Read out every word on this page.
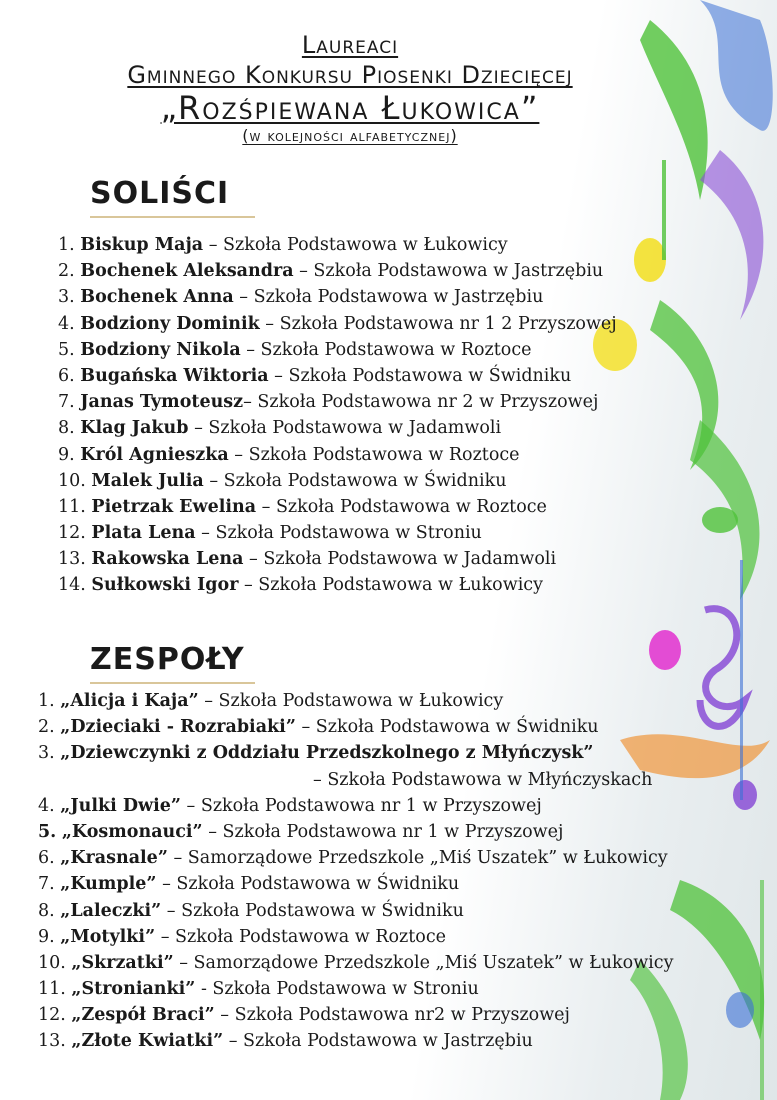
Laureaci
Gminnego Konkursu Piosenki Dziecięcej
„Rozśpiewana Łukowica”
(w kolejności alfabetycznej)
SOLIŚCI
1. Biskup Maja – Szkoła Podstawowa w Łukowicy
2. Bochenek Aleksandra – Szkoła Podstawowa w Jastrzębiu
3. Bochenek Anna – Szkoła Podstawowa w Jastrzębiu
4. Bodziony Dominik – Szkoła Podstawowa nr 1 2 Przyszowej
5. Bodziony Nikola – Szkoła Podstawowa w Roztoce
6. Bugańska Wiktoria – Szkoła Podstawowa w Świdniku
7. Janas Tymoteusz– Szkoła Podstawowa nr 2 w Przyszowej
8. Klag Jakub – Szkoła Podstawowa w Jadamwoli
9. Król Agnieszka – Szkoła Podstawowa w Roztoce
10. Malek Julia – Szkoła Podstawowa w Świdniku
11. Pietrzak Ewelina – Szkoła Podstawowa w Roztoce
12. Plata Lena – Szkoła Podstawowa w Stroniu
13. Rakowska Lena – Szkoła Podstawowa w Jadamwoli
14. Sułkowski Igor – Szkoła Podstawowa w Łukowicy
ZESPOŁY
1. „Alicja i Kaja” – Szkoła Podstawowa w Łukowicy
2. „Dzieciaki - Rozrabiaki” – Szkoła Podstawowa w Świdniku
3. „Dziewczynki z Oddziału Przedszkolnego z Młyńczysk”
– Szkoła Podstawowa w Młyńczyskach
4. „Julki Dwie” – Szkoła Podstawowa nr 1 w Przyszowej
5. „Kosmonauci” – Szkoła Podstawowa nr 1 w Przyszowej
6. „Krasnale” – Samorządowe Przedszkole „Miś Uszatek” w Łukowicy
7. „Kumple” – Szkoła Podstawowa w Świdniku
8. „Laleczki” – Szkoła Podstawowa w Świdniku
9. „Motylki” – Szkoła Podstawowa w Roztoce
10. „Skrzatki” – Samorządowe Przedszkole „Miś Uszatek” w Łukowicy
11. „Stronianki” - Szkoła Podstawowa w Stroniu
12. „Zespół Braci” – Szkoła Podstawowa nr2 w Przyszowej
13. „Złote Kwiatki” – Szkoła Podstawowa w Jastrzębiu
